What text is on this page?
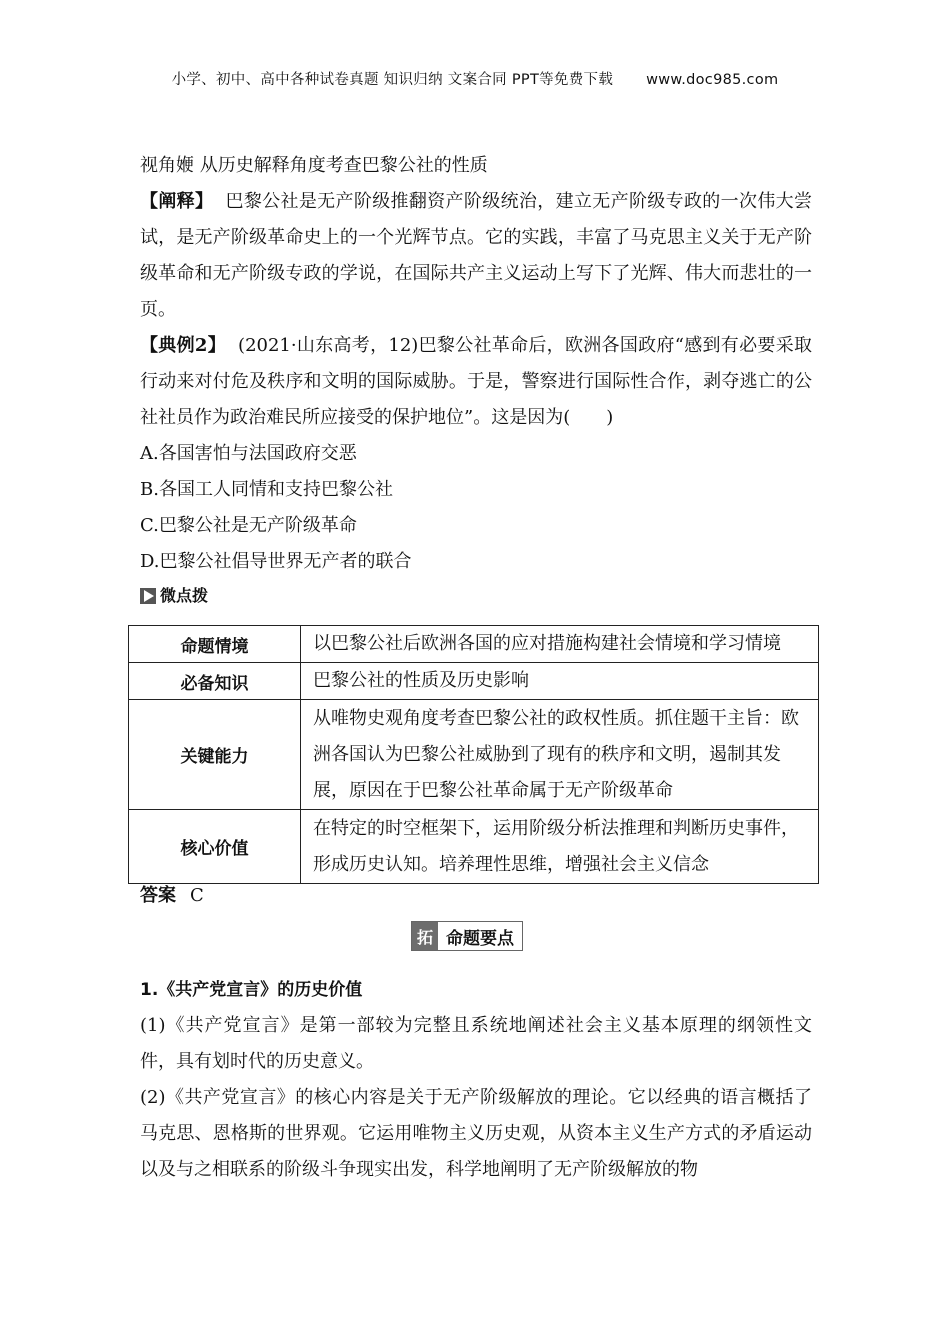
小学、初中、高中各种试卷真题 知识归纳 文案合同 PPT等免费下载 www.doc985.com

视角㛹 从历史解释角度考查巴黎公社的性质

【阐释】 巴黎公社是无产阶级推翻资产阶级统治，建立无产阶级专政的一次伟大尝试，是无产阶级革命史上的一个光辉节点。它的实践，丰富了马克思主义关于无产阶级革命和无产阶级专政的学说，在国际共产主义运动上写下了光辉、伟大而悲壮的一页。

【典例2】 (2021·山东高考，12)巴黎公社革命后，欧洲各国政府“感到有必要采取行动来对付危及秩序和文明的国际威胁。于是，警察进行国际性合作，剥夺逃亡的公社社员作为政治难民所应接受的保护地位”。这是因为(　　)

A.各国害怕与法国政府交恶

B.各国工人同情和支持巴黎公社

C.巴黎公社是无产阶级革命

D.巴黎公社倡导世界无产者的联合

微点拨
命题情境	以巴黎公社后欧洲各国的应对措施构建社会情境和学习情境
必备知识	巴黎公社的性质及历史影响
关键能力	从唯物史观角度考查巴黎公社的政权性质。抓住题干主旨：欧洲各国认为巴黎公社威胁到了现有的秩序和文明，遏制其发展，原因在于巴黎公社革命属于无产阶级革命
核心价值	在特定的时空框架下，运用阶级分析法推理和判断历史事件，形成历史认知。培养理性思维，增强社会主义信念
答案 C
拓 命题要点

1.《共产党宣言》的历史价值

(1)《共产党宣言》是第一部较为完整且系统地阐述社会主义基本原理的纲领性文件，具有划时代的历史意义。

(2)《共产党宣言》的核心内容是关于无产阶级解放的理论。它以经典的语言概括了马克思、恩格斯的世界观。它运用唯物主义历史观，从资本主义生产方式的矛盾运动以及与之相联系的阶级斗争现实出发，科学地阐明了无产阶级解放的物
